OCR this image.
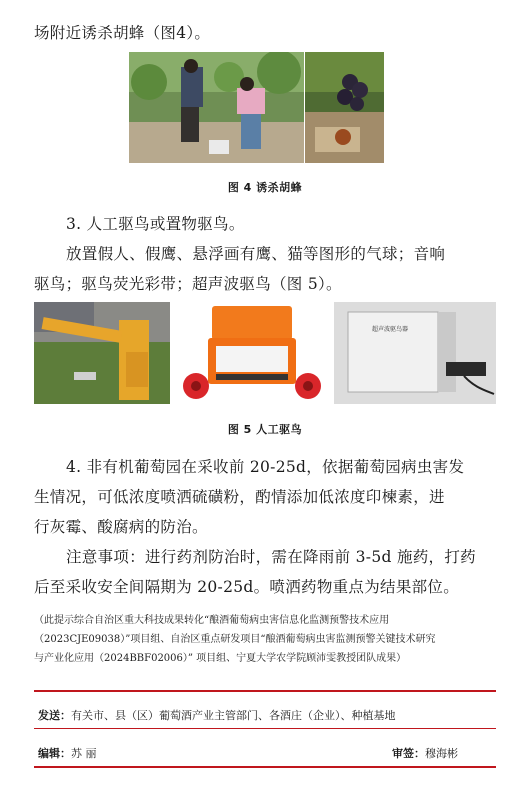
场附近诱杀胡蜂（图4）。
图 4 诱杀胡蜂
3. 人工驱鸟或置物驱鸟。
放置假人、假鹰、悬浮画有鹰、猫等图形的气球；音响
驱鸟；驱鸟荧光彩带；超声波驱鸟（图 5）。
超声波驱鸟器
图 5 人工驱鸟
4. 非有机葡萄园在采收前 20-25d，依据葡萄园病虫害发
生情况，可低浓度喷洒硫磺粉，酌情添加低浓度印楝素，进
行灰霉、酸腐病的防治。
注意事项：进行药剂防治时，需在降雨前 3-5d 施药，打药
后至采收安全间隔期为 20-25d。喷洒药物重点为结果部位。
（此提示综合自治区重大科技成果转化“酿酒葡萄病虫害信息化监测预警技术应用
（2023CJE09038）”项目组、自治区重点研发项目“酿酒葡萄病虫害监测预警关键技术研究
与产业化应用（2024BBF02006）” 项目组、宁夏大学农学院顾沛雯教授团队成果）
发送：有关市、县（区）葡萄酒产业主管部门、各酒庄（企业）、种植基地
编辑：苏 丽	审签：穆海彬
